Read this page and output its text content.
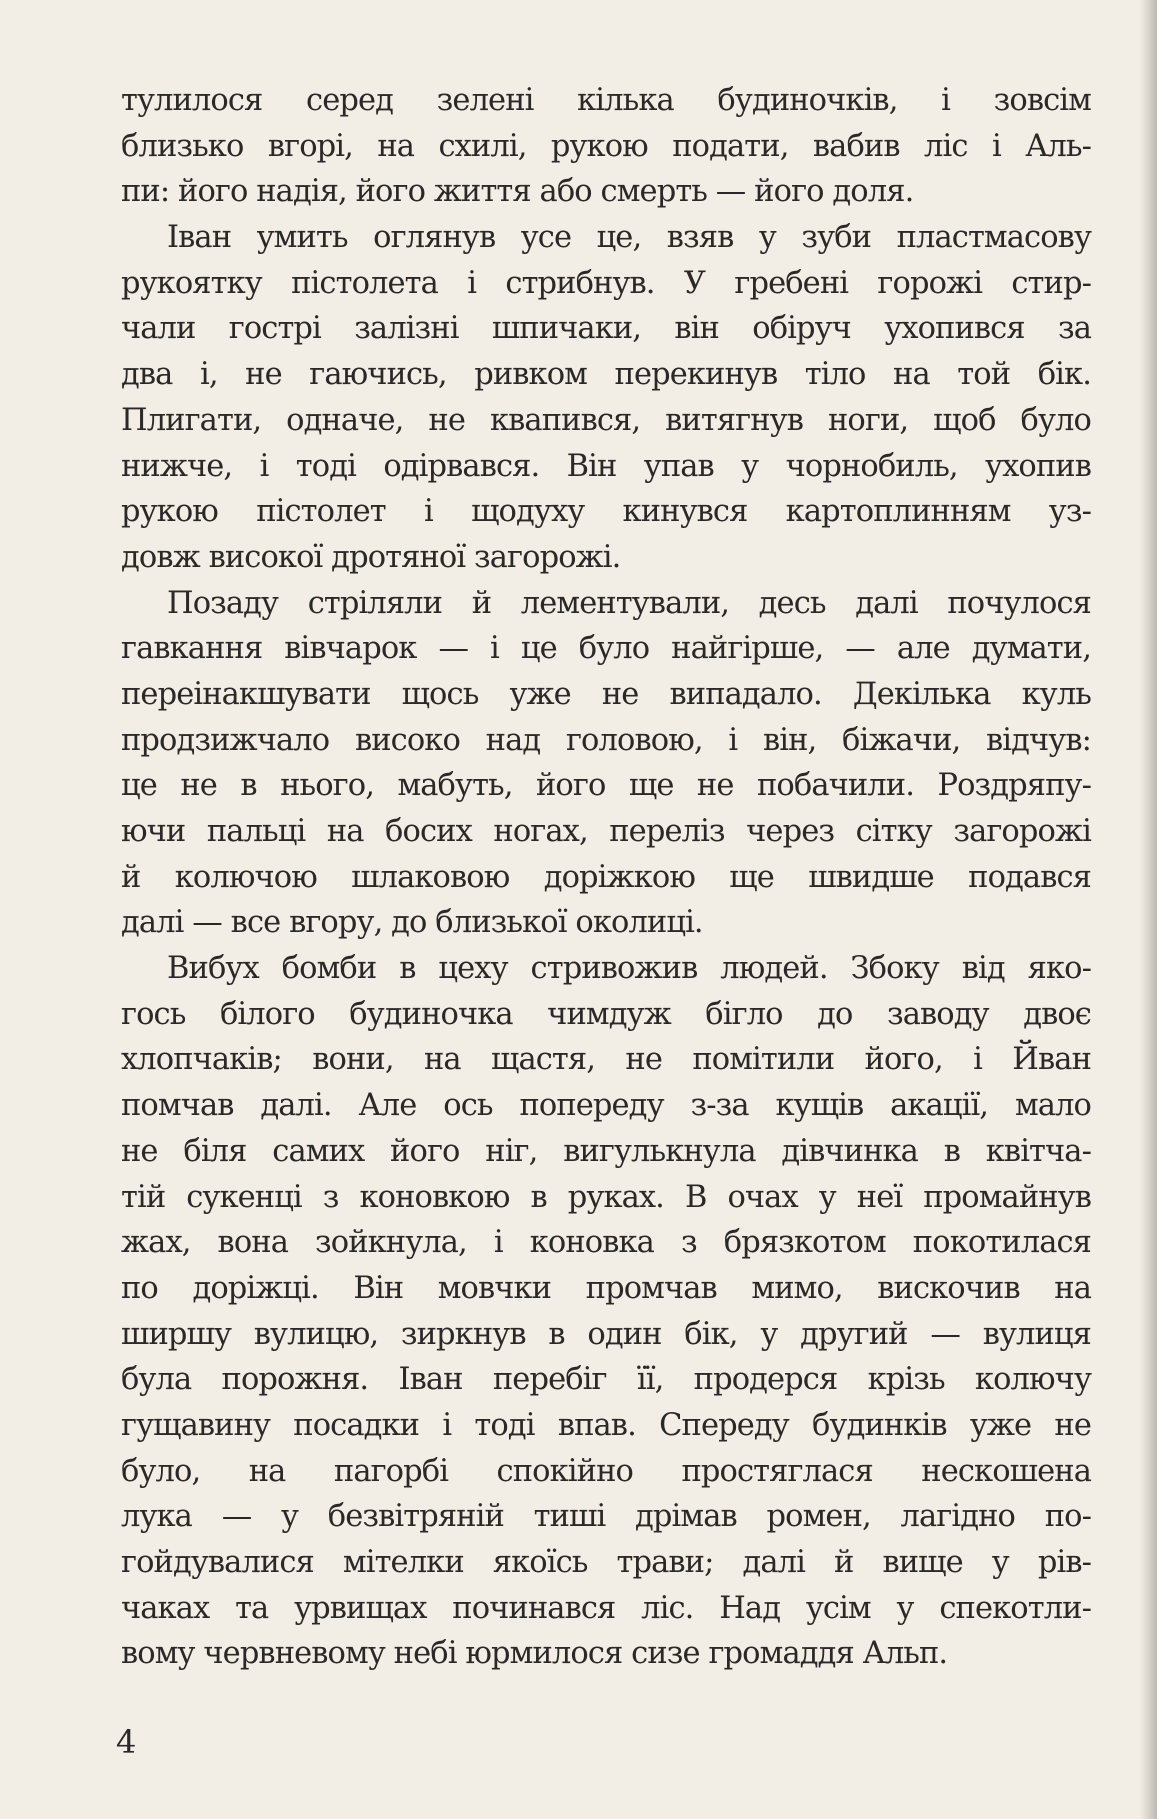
тулилося серед зелені кілька будиночків, і зовсім
близько вгорі, на схилі, рукою подати, вабив ліс і Аль-
пи: його надія, його життя або смерть — його доля.
Іван умить оглянув усе це, взяв у зуби пластмасову
рукоятку пістолета і стрибнув. У гребені горожі стир-
чали гострі залізні шпичаки, він обіруч ухопився за
два і, не гаючись, ривком перекинув тіло на той бік.
Плигати, одначе, не квапився, витягнув ноги, щоб було
нижче, і тоді одірвався. Він упав у чорнобиль, ухопив
рукою пістолет і щодуху кинувся картоплинням уз-
довж високої дротяної загорожі.
Позаду стріляли й лементували, десь далі почулося
гавкання вівчарок — і це було найгірше, — але думати,
переінакшувати щось уже не випадало. Декілька куль
продзижчало високо над головою, і він, біжачи, відчув:
це не в нього, мабуть, його ще не побачили. Роздряпу-
ючи пальці на босих ногах, переліз через сітку загорожі
й колючою шлаковою доріжкою ще швидше подався
далі — все вгору, до близької околиці.
Вибух бомби в цеху стривожив людей. Збоку від яко-
гось білого будиночка чимдуж бігло до заводу двоє
хлопчаків; вони, на щастя, не помітили його, і Йван
помчав далі. Але ось попереду з-за кущів акації, мало
не біля самих його ніг, вигулькнула дівчинка в квітча-
тій сукенці з коновкою в руках. В очах у неї промайнув
жах, вона зойкнула, і коновка з брязкотом покотилася
по доріжці. Він мовчки промчав мимо, вискочив на
ширшу вулицю, зиркнув в один бік, у другий — вулиця
була порожня. Іван перебіг її, продерся крізь колючу
гущавину посадки і тоді впав. Спереду будинків уже не
було, на пагорбі спокійно простяглася нескошена
лука — у безвітряній тиші дрімав ромен, лагідно по-
гойдувалися мітелки якоїсь трави; далі й вище у рів-
чаках та урвищах починався ліс. Над усім у спекотли-
вому червневому небі юрмилося сизе громаддя Альп.
4
